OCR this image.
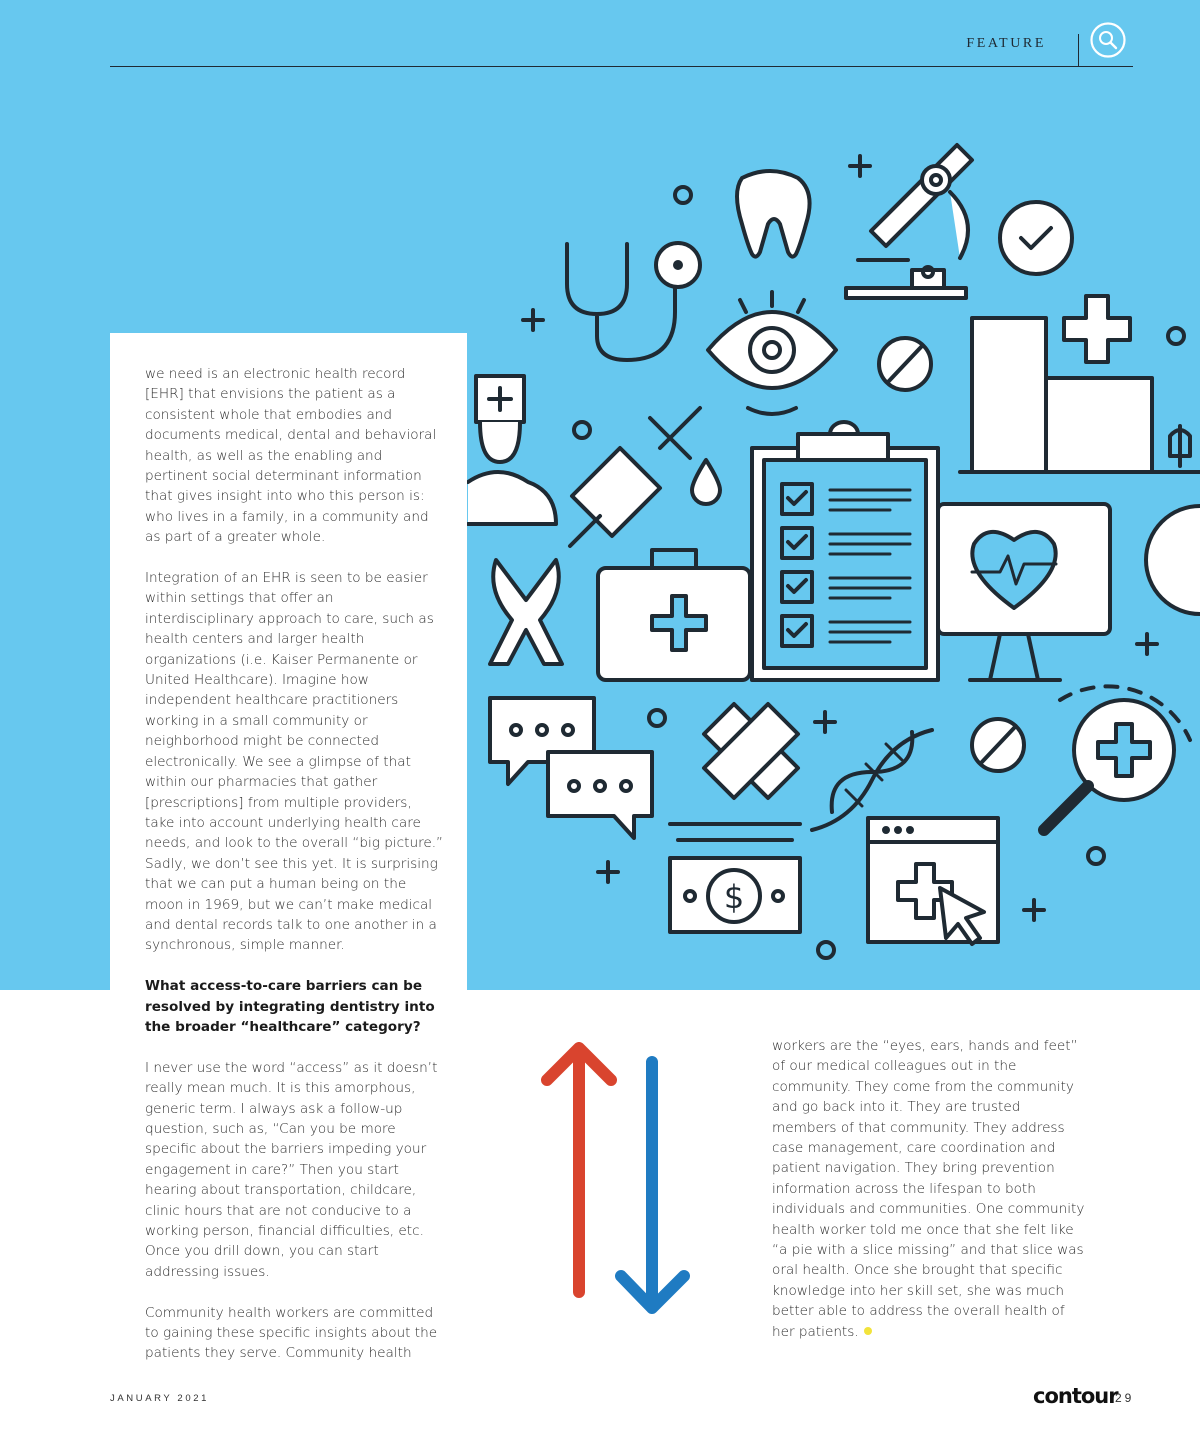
FEATURE
$

we need is an electronic health record [EHR] that envisions the patient as a consistent whole that embodies and documents medical, dental and behavioral health, as well as the enabling and pertinent social determinant information that gives insight into who this person is: who lives in a family, in a community and as part of a greater whole.

Integration of an EHR is seen to be easier within settings that offer an interdisciplinary approach to care, such as health centers and larger health organizations (i.e. Kaiser Permanente or United Healthcare). Imagine how independent healthcare practitioners working in a small community or neighborhood might be connected electronically. We see a glimpse of that within our pharmacies that gather [prescriptions] from multiple providers, take into account underlying health care needs, and look to the overall “big picture.” Sadly, we don’t see this yet. It is surprising that we can put a human being on the moon in 1969, but we can’t make medical and dental records talk to one another in a synchronous, simple manner.

What access-to-care barriers can be resolved by integrating dentistry into the broader “healthcare” category?

I never use the word “access” as it doesn’t really mean much. It is this amorphous, generic term. I always ask a follow-up question, such as, “Can you be more specific about the barriers impeding your engagement in care?” Then you start hearing about transportation, childcare, clinic hours that are not conducive to a working person, financial difficulties, etc. Once you drill down, you can start addressing issues.

Community health workers are committed to gaining these specific insights about the patients they serve. Community health

workers are the “eyes, ears, hands and feet” of our medical colleagues out in the community. They come from the community and go back into it. They are trusted members of that community. They address case management, care coordination and patient navigation. They bring prevention information across the lifespan to both individuals and communities. One community health worker told me once that she felt like “a pie with a slice missing” and that slice was oral health. Once she brought that specific knowledge into her skill set, she was much better able to address the overall health of her patients.

JANUARY 2021	contour
29
